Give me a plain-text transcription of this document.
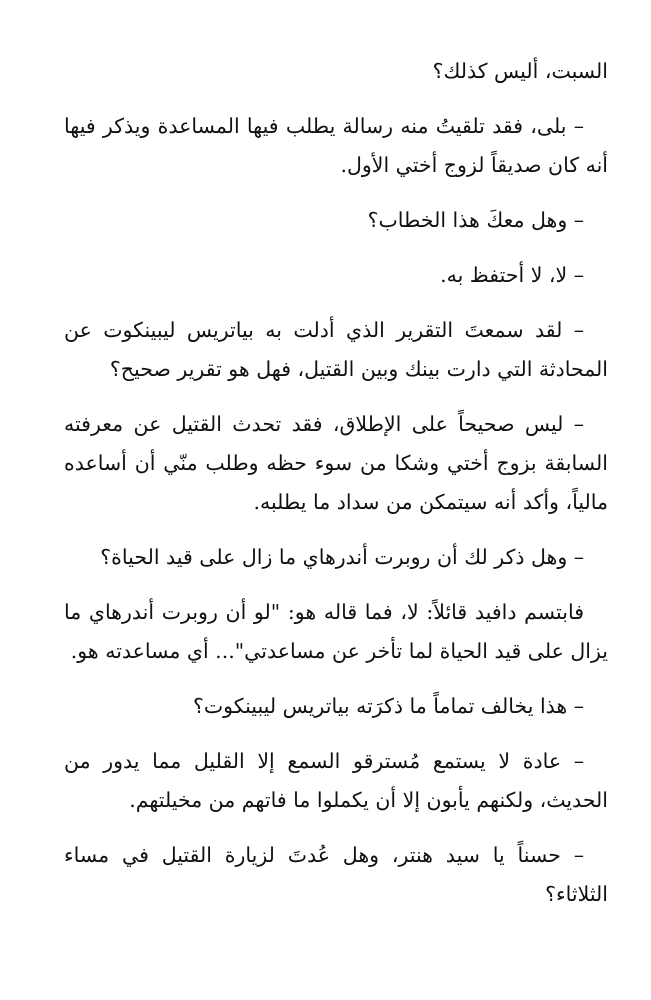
السبت، أليس كذلك؟

– بلى، فقد تلقيتُ منه رسالة يطلب فيها المساعدة ويذكر فيها أنه كان صديقاً لزوج أختي الأول.

– وهل معكَ هذا الخطاب؟

– لا، لا أحتفظ به.

– لقد سمعتَ التقرير الذي أدلت به بياتريس ليبينكوت عن المحادثة التي دارت بينك وبين القتيل، فهل هو تقرير صحيح؟

– ليس صحيحاً على الإطلاق، فقد تحدث القتيل عن معرفته السابقة بزوج أختي وشكا من سوء حظه وطلب منّي أن أساعده مالياً، وأكد أنه سيتمكن من سداد ما يطلبه.

– وهل ذكر لك أن روبرت أندرهاي ما زال على قيد الحياة؟

فابتسم دافيد قائلاً: لا، فما قاله هو: "لو أن روبرت أندرهاي ما يزال على قيد الحياة لما تأخر عن مساعدتي"... أي مساعدته هو.

– هذا يخالف تماماً ما ذكرَته بياتريس ليبينكوت؟

– عادة لا يستمع مُسترقو السمع إلا القليل مما يدور من الحديث، ولكنهم يأبون إلا أن يكملوا ما فاتهم من مخيلتهم.

– حسناً يا سيد هنتر، وهل عُدتَ لزيارة القتيل في مساء الثلاثاء؟
